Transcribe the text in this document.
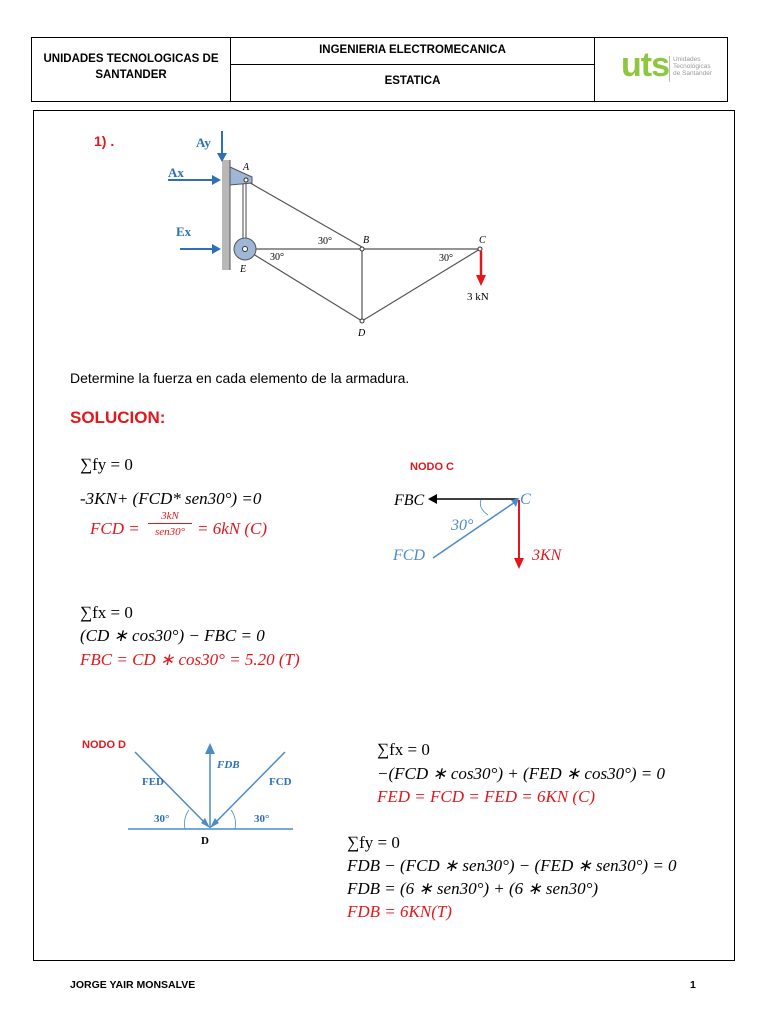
UNIDADES TECNOLOGICAS DE SANTANDER
INGENIERIA ELECTROMECANICA
ESTATICA	uts Unidades Tecnológicas de Santander
1) .	Ay
Ax
Ex
A
B	C
D
E
30°
30°	30°
3 kN
Determine la fuerza en cada elemento de la armadura.
SOLUCION:
∑fy = 0
-3KN+ (FCD* sen30°) =0
FCD =
3kN
sen30° = 6kN (C)
∑fx = 0
(CD ∗ cos30°) − FBC = 0
FBC = CD ∗ cos30° = 5.20 (T)
NODO C
FBC	C
30°
FCD	3KN
NODO D
FDB
FED	FCD
30°	30°
D
∑fx = 0
−(FCD ∗ cos30°) + (FED ∗ cos30°) = 0
FED = FCD = FED = 6KN (C)
∑fy = 0
FDB − (FCD ∗ sen30°) − (FED ∗ sen30°) = 0
FDB = (6 ∗ sen30°) + (6 ∗ sen30°)
FDB = 6KN(T)
JORGE YAIR MONSALVE	1
